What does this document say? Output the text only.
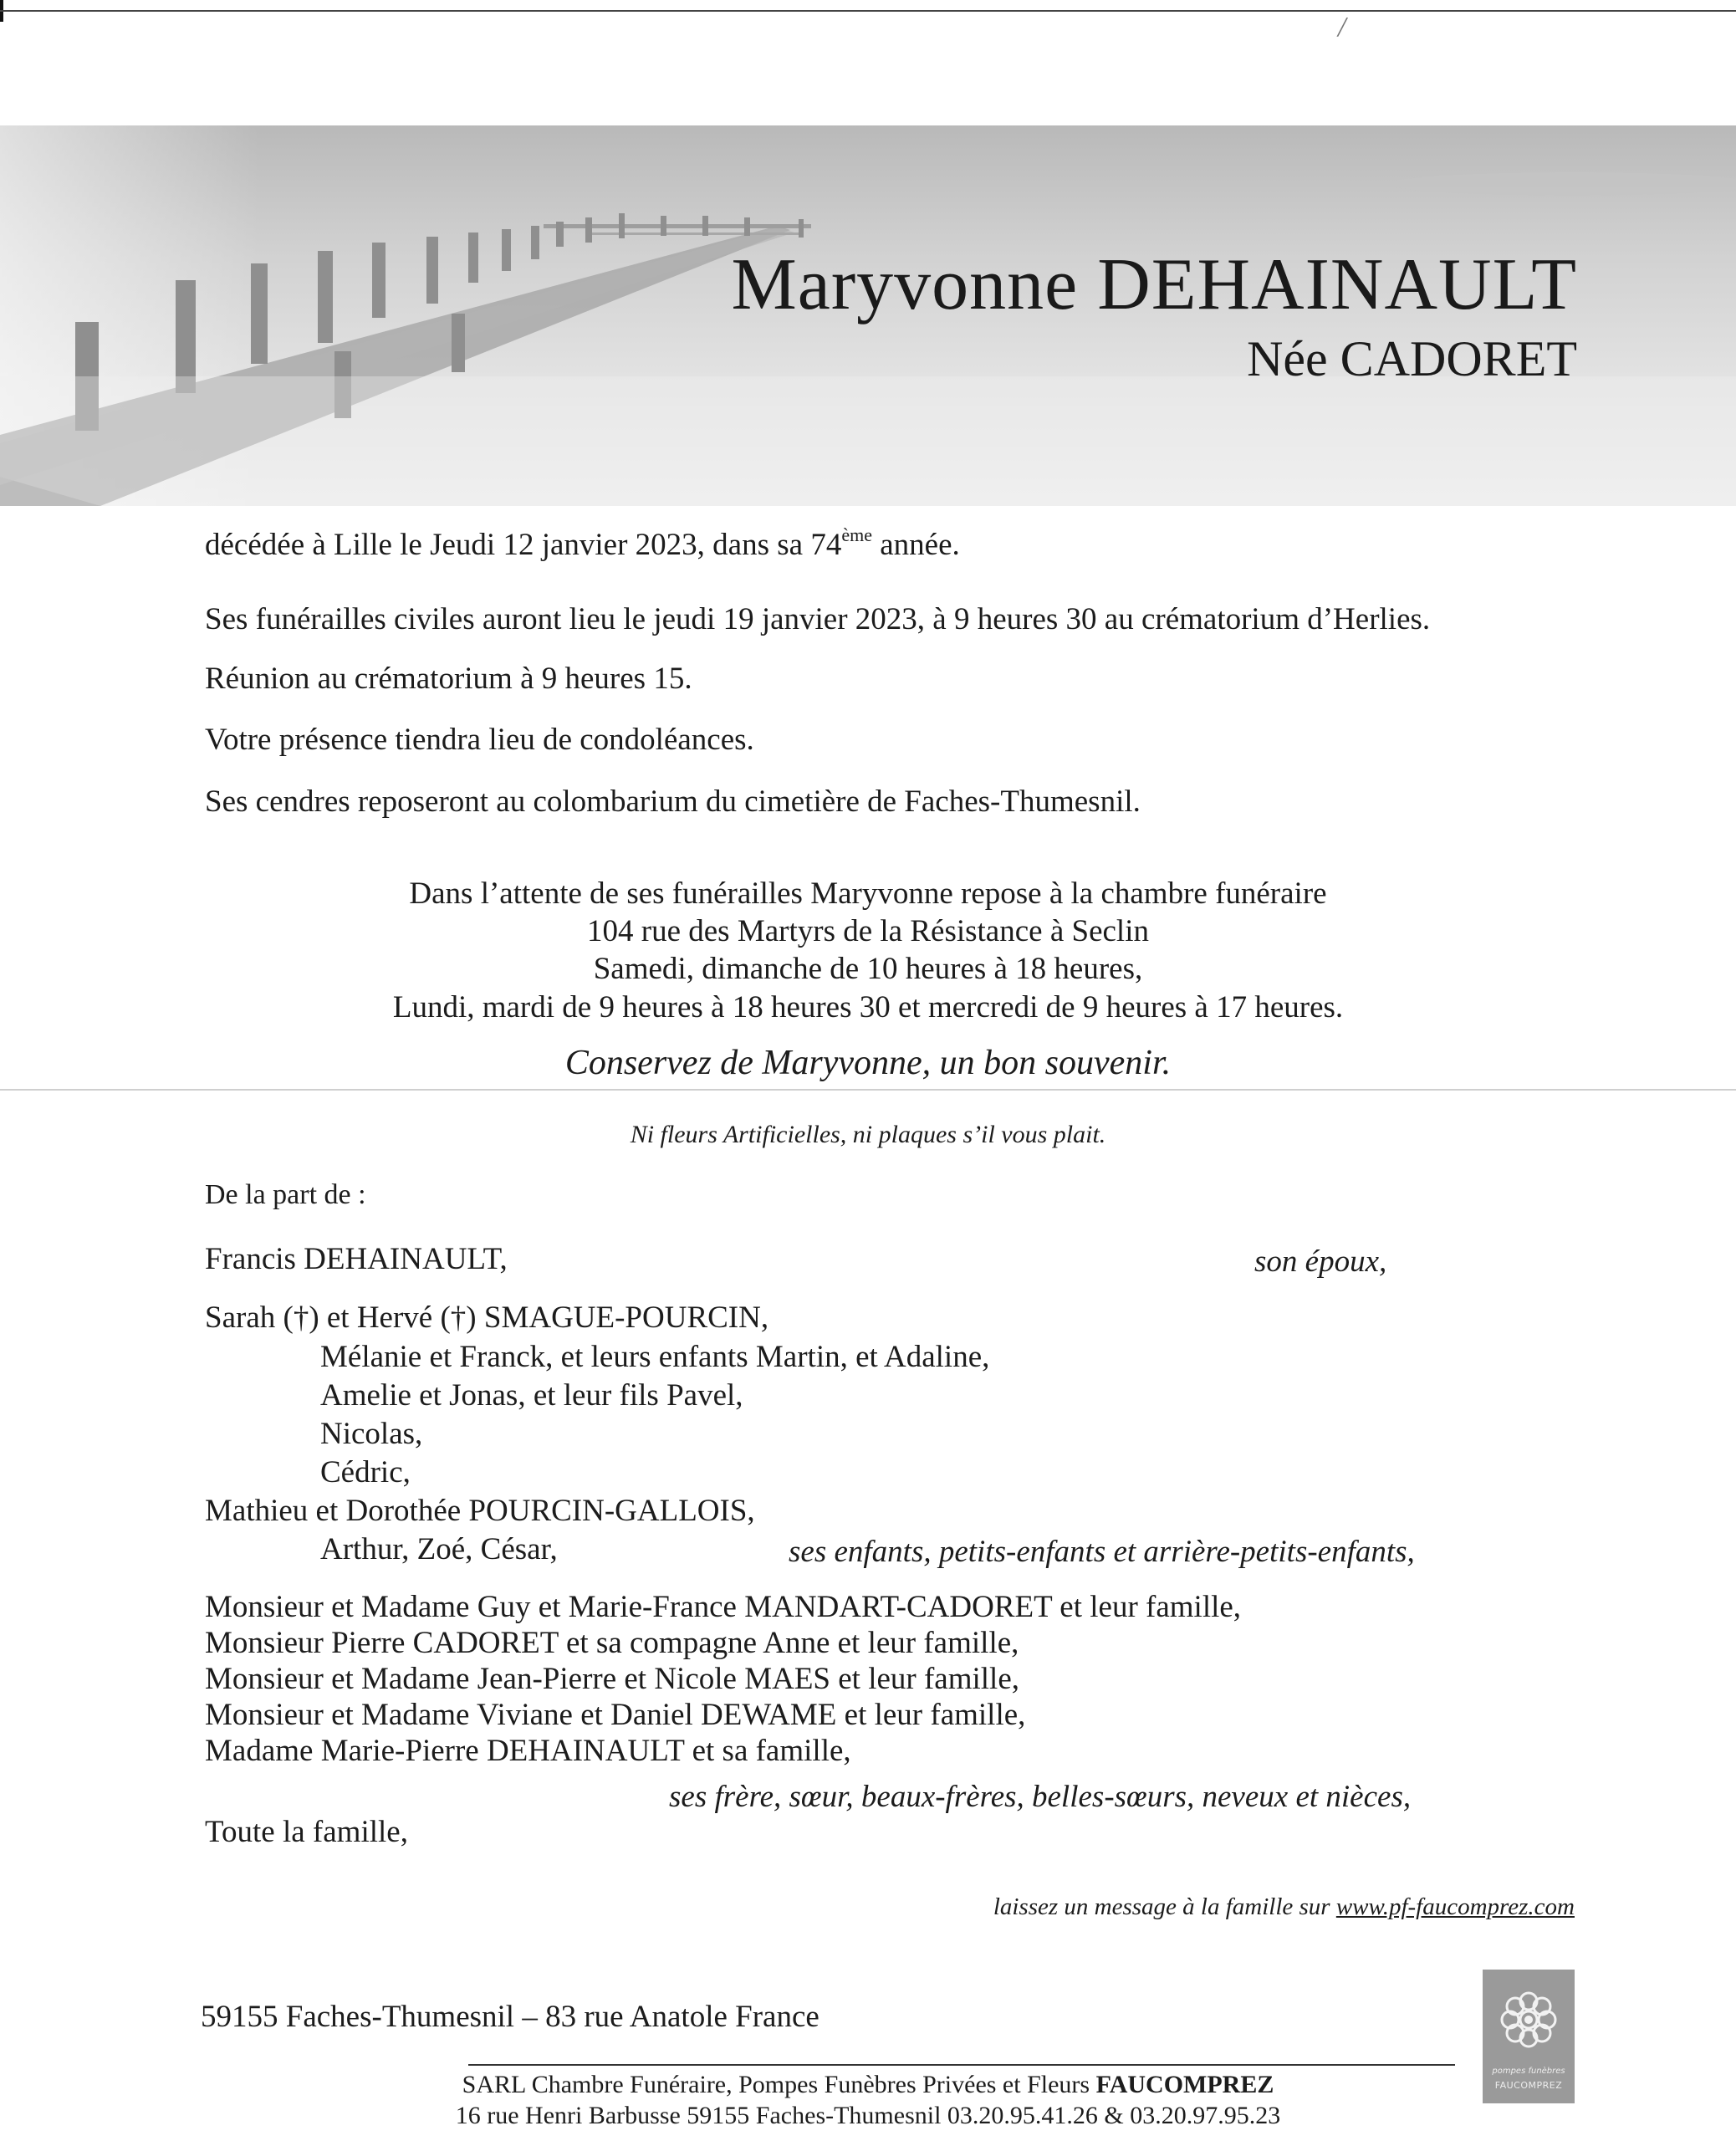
/
Maryvonne DEHAINAULT
Née CADORET
décédée à Lille le Jeudi 12 janvier 2023, dans sa 74ème année.
Ses funérailles civiles auront lieu le jeudi 19 janvier 2023, à 9 heures 30 au crématorium d’Herlies.
Réunion au crématorium à 9 heures 15.
Votre présence tiendra lieu de condoléances.
Ses cendres reposeront au colombarium du cimetière de Faches-Thumesnil.
Dans l’attente de ses funérailles Maryvonne repose à la chambre funéraire
104 rue des Martyrs de la Résistance à Seclin
Samedi, dimanche de 10 heures à 18 heures,
Lundi, mardi de 9 heures à 18 heures 30 et mercredi de 9 heures à 17 heures.
Conservez de Maryvonne, un bon souvenir.
Ni fleurs Artificielles, ni plaques s’il vous plait.
De la part de :
Francis DEHAINAULT,	son époux,
Sarah (†) et Hervé (†) SMAGUE-POURCIN,
Mélanie et Franck, et leurs enfants Martin, et Adaline,
Amelie et Jonas, et leur fils Pavel,
Nicolas,
Cédric,
Mathieu et Dorothée POURCIN-GALLOIS,
Arthur, Zoé, César,	ses enfants, petits-enfants et arrière-petits-enfants,
Monsieur et Madame Guy et Marie-France MANDART-CADORET et leur famille,
Monsieur Pierre CADORET et sa compagne Anne et leur famille,
Monsieur et Madame Jean-Pierre et Nicole MAES et leur famille,
Monsieur et Madame Viviane et Daniel DEWAME et leur famille,
Madame Marie-Pierre DEHAINAULT et sa famille,
ses frère, sœur, beaux-frères, belles-sœurs, neveux et nièces,
Toute la famille,
laissez un message à la famille sur www.pf-faucomprez.com
59155 Faches-Thumesnil – 83 rue Anatole France
pompes funèbres
FAUCOMPREZ
SARL Chambre Funéraire, Pompes Funèbres Privées et Fleurs FAUCOMPREZ
16 rue Henri Barbusse 59155 Faches-Thumesnil 03.20.95.41.26 & 03.20.97.95.23
